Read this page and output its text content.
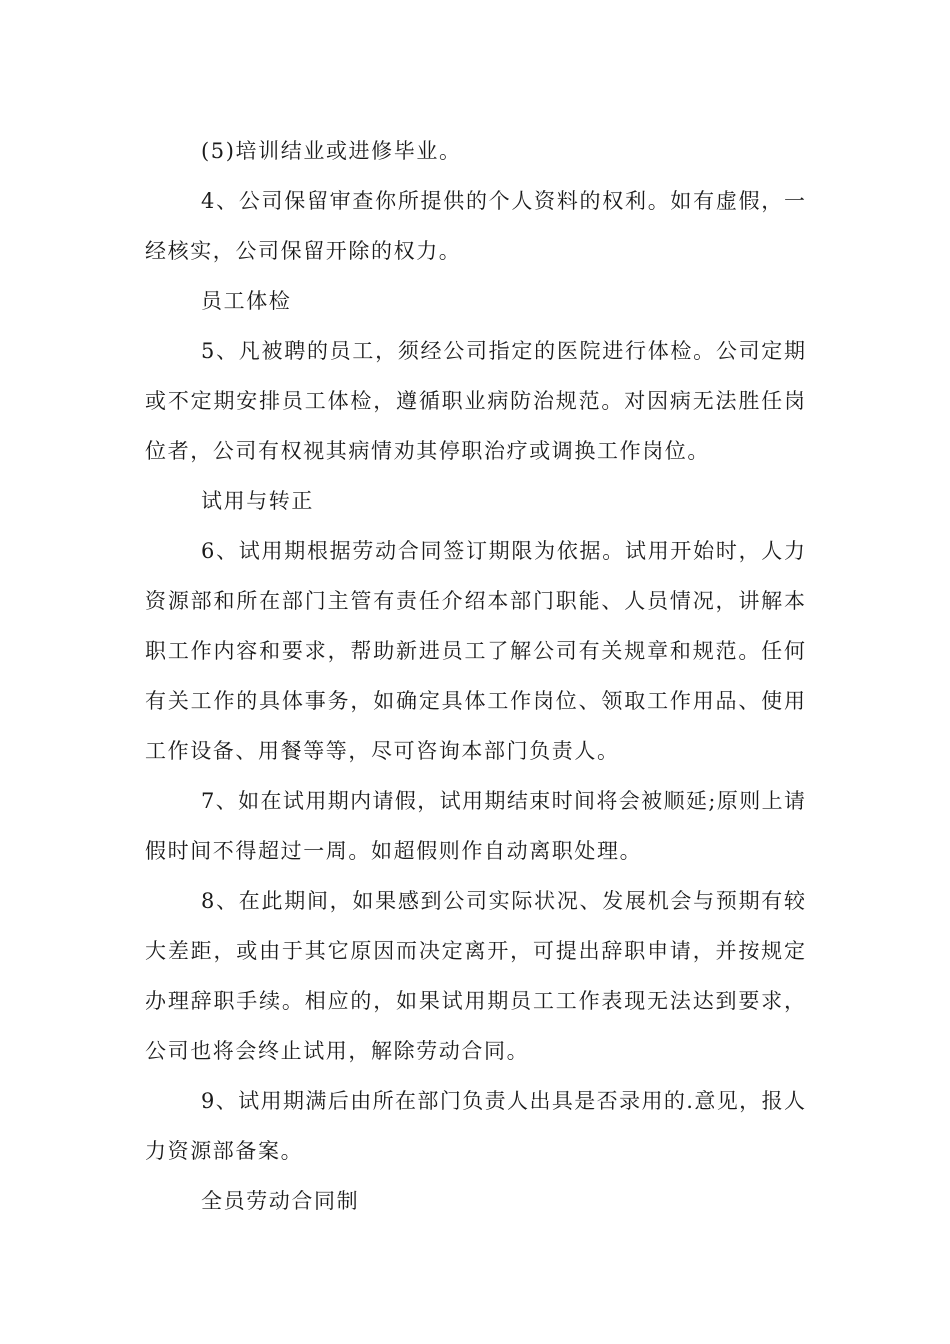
(5)培训结业或进修毕业。
4、公司保留审查你所提供的个人资料的权利。如有虚假，一
经核实，公司保留开除的权力。
员工体检
5、凡被聘的员工，须经公司指定的医院进行体检。公司定期
或不定期安排员工体检，遵循职业病防治规范。对因病无法胜任岗
位者，公司有权视其病情劝其停职治疗或调换工作岗位。
试用与转正
6、试用期根据劳动合同签订期限为依据。试用开始时，人力
资源部和所在部门主管有责任介绍本部门职能、人员情况，讲解本
职工作内容和要求，帮助新进员工了解公司有关规章和规范。任何
有关工作的具体事务，如确定具体工作岗位、领取工作用品、使用
工作设备、用餐等等，尽可咨询本部门负责人。
7、如在试用期内请假，试用期结束时间将会被顺延;原则上请
假时间不得超过一周。如超假则作自动离职处理。
8、在此期间，如果感到公司实际状况、发展机会与预期有较
大差距，或由于其它原因而决定离开，可提出辞职申请，并按规定
办理辞职手续。相应的，如果试用期员工工作表现无法达到要求，
公司也将会终止试用，解除劳动合同。
9、试用期满后由所在部门负责人出具是否录用的.意见，报人
力资源部备案。
全员劳动合同制
